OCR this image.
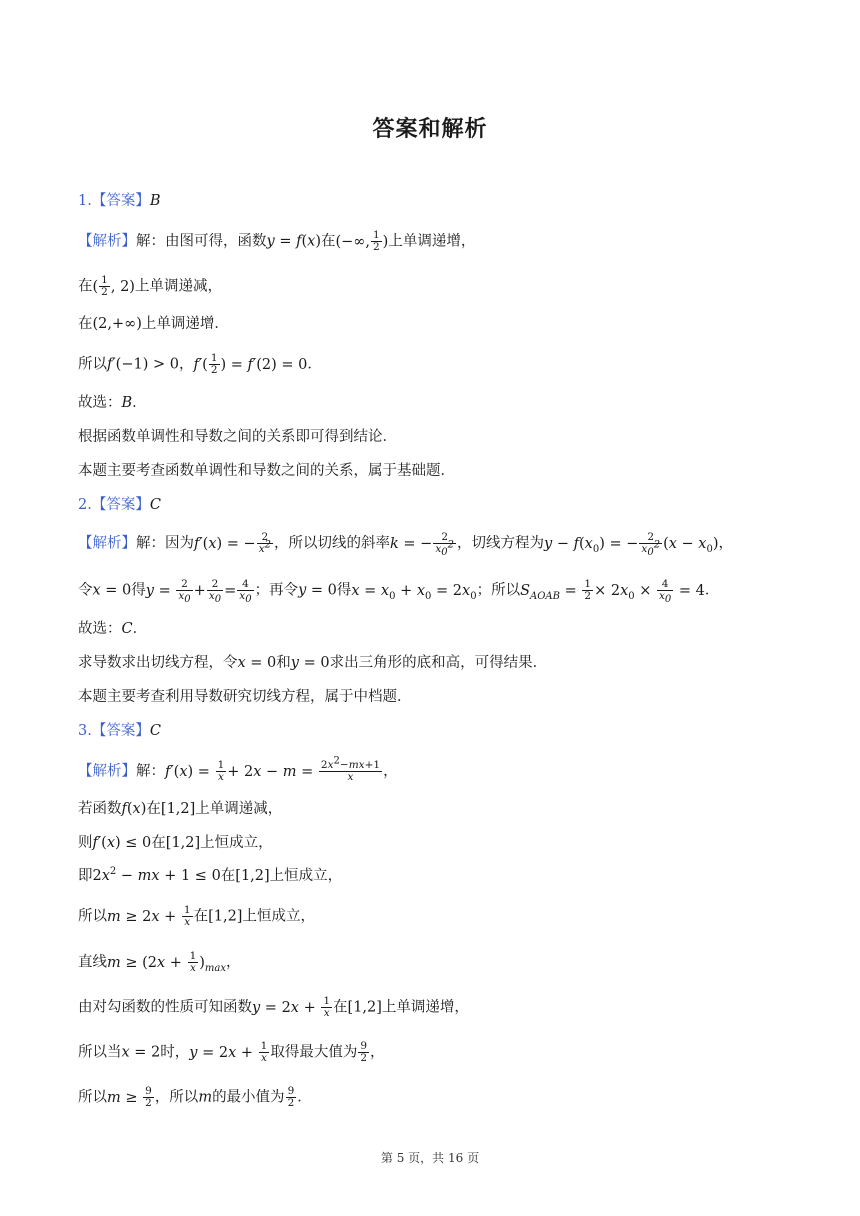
答案和解析
1.【答案】B
【解析】解：由图可得，函数y = f(x)在(−∞, $\frac{1}{2}$ )上单调递增，
在( $\frac{1}{2}$ , 2)上单调递减，
在(2,+∞)上单调递增．
所以f′(−1) > 0，$f'( \frac{1}{2}$ ) = f′(2) = 0．
故选：B．
根据函数单调性和导数之间的关系即可得到结论．
本题主要考查函数单调性和导数之间的关系，属于基础题．
2.【答案】C
【解析】解：因为f′(x) = − $\frac{2}{x^2}$ ，所以切线的斜率k = − $\frac{2}{x_0^2}$ ，切线方程为$y - f(x_0)$ = − $\frac{2}{x_0^2} (x - x_0)$，
令x = 0得$y = \frac{2}{x_0} + \frac{2}{x_0} = \frac{4}{x_0}$ ；再令y = 0得$x = x_0 + x_0 = 2x_0$；所以$S_{AOAB} = \frac{1}{2} \times 2x_0 \times \frac{4}{x_0} = 4$．
故选：C．
求导数求出切线方程，令x = 0和y = 0求出三角形的底和高，可得结果．
本题主要考查利用导数研究切线方程，属于中档题．
3.【答案】C
【解析】解：$f'(x) = \frac{1}{x} + 2x - m = \frac{2x^2-mx+1}{x}$ ，
若函数f(x)在[1,2]上单调递减，
则f′(x) ≤ 0在[1,2]上恒成立，
即$2x^2$ − mx + 1 ≤ 0在[1,2]上恒成立，
所以$m \ge 2x + \frac{1}{x}$ 在[1,2]上恒成立，
直线$m \ge (2x + \frac{1}{x} )_{max}$，
由对勾函数的性质可知函数$y = 2x + \frac{1}{x}$ 在[1,2]上单调递增，
所以当x = 2时，$y = 2x + \frac{1}{x}$ 取得最大值为 $\frac{9}{2}$ ，
所以$m \ge \frac{9}{2}$ ，所以m的最小值为 $\frac{9}{2}$ ．
第 5 页，共 16 页
